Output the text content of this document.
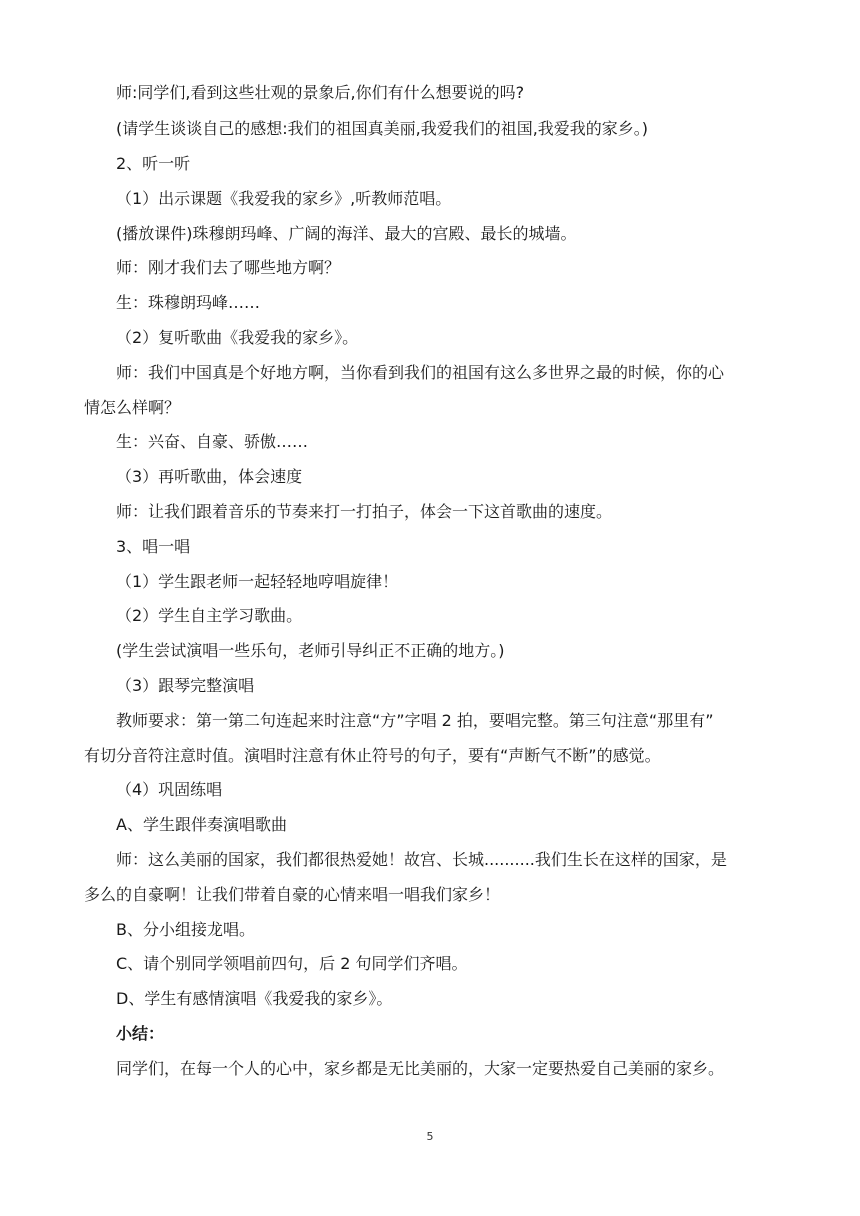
师:同学们,看到这些壮观的景象后,你们有什么想要说的吗?
(请学生谈谈自己的感想:我们的祖国真美丽,我爱我们的祖国,我爱我的家乡。)
2、听一听
（1）出示课题《我爱我的家乡》,听教师范唱。
(播放课件)珠穆朗玛峰、广阔的海洋、最大的宫殿、最长的城墙。
师：刚才我们去了哪些地方啊？
生：珠穆朗玛峰……
（2）复听歌曲《我爱我的家乡》。
师：我们中国真是个好地方啊，当你看到我们的祖国有这么多世界之最的时候，你的心
情怎么样啊？
生：兴奋、自豪、骄傲……
（3）再听歌曲，体会速度
师：让我们跟着音乐的节奏来打一打拍子，体会一下这首歌曲的速度。
3、唱一唱
（1）学生跟老师一起轻轻地哼唱旋律！
（2）学生自主学习歌曲。
(学生尝试演唱一些乐句，老师引导纠正不正确的地方。)
（3）跟琴完整演唱
教师要求：第一第二句连起来时注意“方”字唱 2 拍，要唱完整。第三句注意“那里有”
有切分音符注意时值。演唱时注意有休止符号的句子，要有“声断气不断”的感觉。
（4）巩固练唱
A、学生跟伴奏演唱歌曲
师：这么美丽的国家，我们都很热爱她！故宫、长城..........我们生长在这样的国家，是
多么的自豪啊！让我们带着自豪的心情来唱一唱我们家乡！
B、分小组接龙唱。
C、请个别同学领唱前四句，后 2 句同学们齐唱。
D、学生有感情演唱《我爱我的家乡》。
小结：
同学们，在每一个人的心中，家乡都是无比美丽的，大家一定要热爱自己美丽的家乡。
5
